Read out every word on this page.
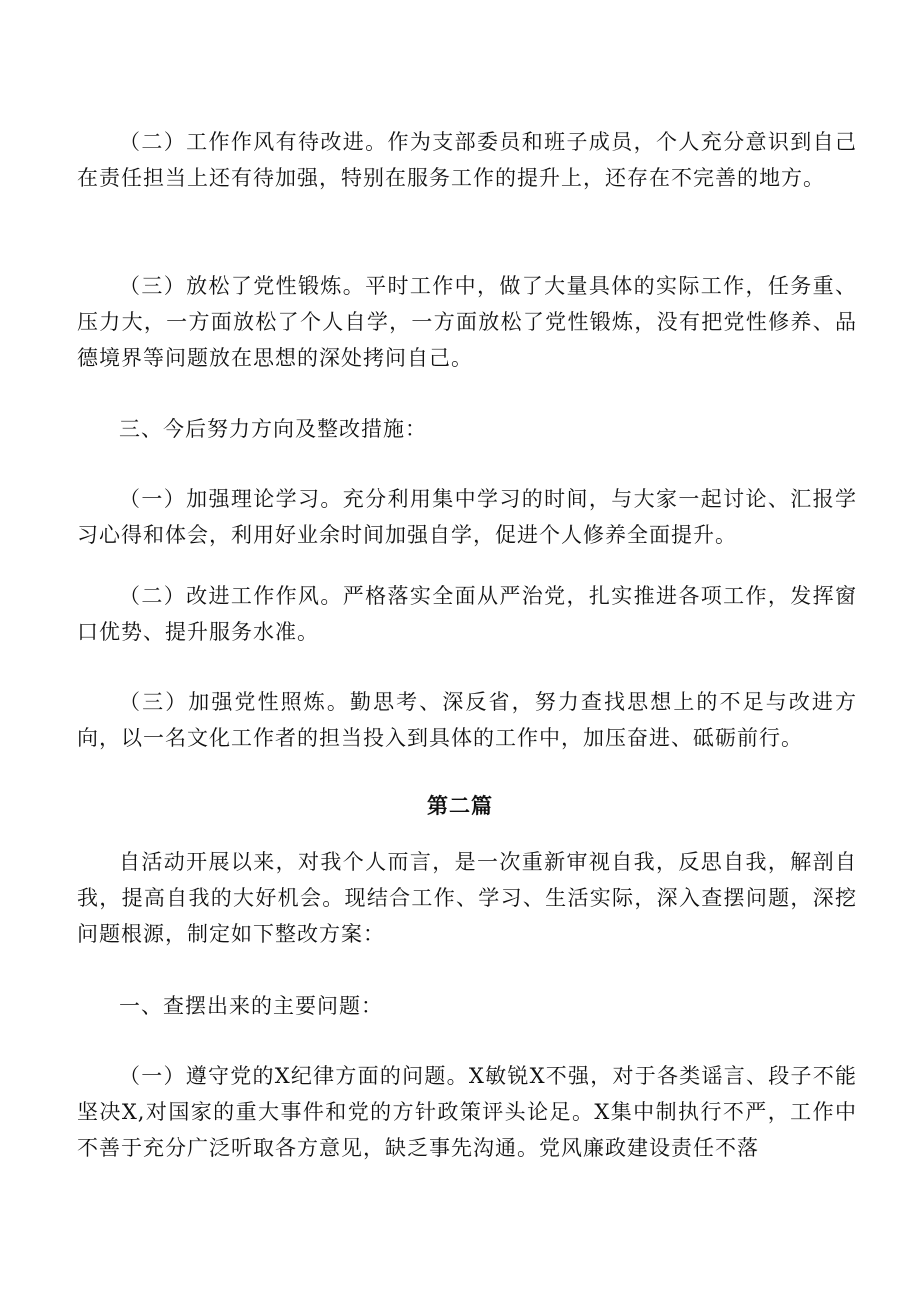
（二）工作作风有待改进。作为支部委员和班子成员，个人充分意识到自己在责任担当上还有待加强，特别在服务工作的提升上，还存在不完善的地方。

（三）放松了党性锻炼。平时工作中，做了大量具体的实际工作，任务重、压力大，一方面放松了个人自学，一方面放松了党性锻炼，没有把党性修养、品德境界等问题放在思想的深处拷问自己。

三、今后努力方向及整改措施：

（一）加强理论学习。充分利用集中学习的时间，与大家一起讨论、汇报学习心得和体会，利用好业余时间加强自学，促进个人修养全面提升。

（二）改进工作作风。严格落实全面从严治党，扎实推进各项工作，发挥窗口优势、提升服务水准。

（三）加强党性照炼。勤思考、深反省，努力查找思想上的不足与改进方向，以一名文化工作者的担当投入到具体的工作中，加压奋进、砥砺前行。

第二篇

自活动开展以来，对我个人而言，是一次重新审视自我，反思自我，解剖自我，提高自我的大好机会。现结合工作、学习、生活实际，深入查摆问题，深挖问题根源，制定如下整改方案：

一、查摆出来的主要问题：

（一）遵守党的X纪律方面的问题。X敏锐X不强，对于各类谣言、段子不能坚决X,对国家的重大事件和党的方针政策评头论足。X集中制执行不严，工作中不善于充分广泛听取各方意见，缺乏事先沟通。党风廉政建设责任不落
